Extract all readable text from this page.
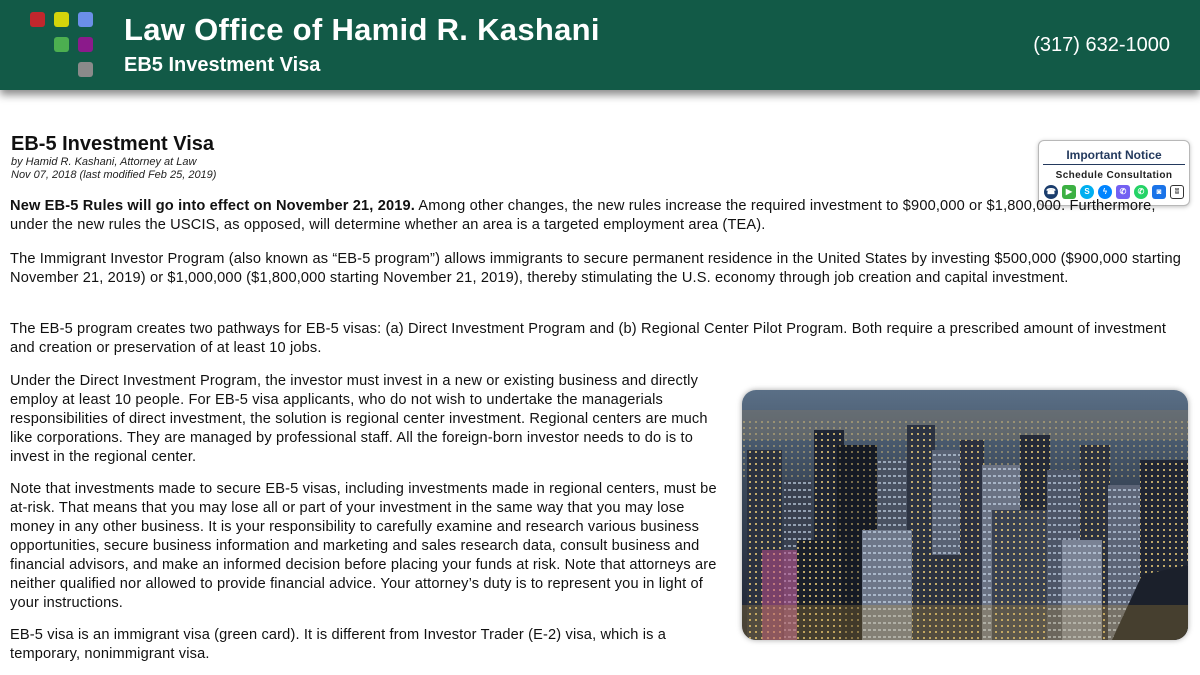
Law Office of Hamid R. Kashani
EB5 Investment Visa
(317) 632-1000
EB-5 Investment Visa
by Hamid R. Kashani, Attorney at Law
Nov 07, 2018 (last modified Feb 25, 2019)
Important Notice
Schedule Consultation
☎	▶	S	ϟ	✆	✆	◙	ʬ
New EB-5 Rules will go into effect on November 21, 2019. Among other changes, the new rules increase the required investment to $900,000 or $1,800,000. Furthermore, under the new rules the USCIS, as opposed, will determine whether an area is a targeted employment area (TEA).
The Immigrant Investor Program (also known as “EB-5 program”) allows immigrants to secure permanent residence in the United States by investing $500,000 ($900,000 starting November 21, 2019) or $1,000,000 ($1,800,000 starting November 21, 2019), thereby stimulating the U.S. economy through job creation and capital investment.
The EB-5 program creates two pathways for EB-5 visas: (a) Direct Investment Program and (b) Regional Center Pilot Program. Both require a prescribed amount of investment and creation or preservation of at least 10 jobs.
Under the Direct Investment Program, the investor must invest in a new or existing business and directly employ at least 10 people. For EB-5 visa applicants, who do not wish to undertake the managerials responsibilities of direct investment, the solution is regional center investment. Regional centers are much like corporations. They are managed by professional staff. All the foreign-born investor needs to do is to invest in the regional center.
Note that investments made to secure EB-5 visas, including investments made in regional centers, must be at-risk. That means that you may lose all or part of your investment in the same way that you may lose money in any other business. It is your responsibility to carefully examine and research various business opportunities, secure business information and marketing and sales research data, consult business and financial advisors, and make an informed decision before placing your funds at risk. Note that attorneys are neither qualified nor allowed to provide financial advice. Your attorney’s duty is to represent you in light of your instructions.
EB-5 visa is an immigrant visa (green card). It is different from Investor Trader (E-2) visa, which is a temporary, nonimmigrant visa.
